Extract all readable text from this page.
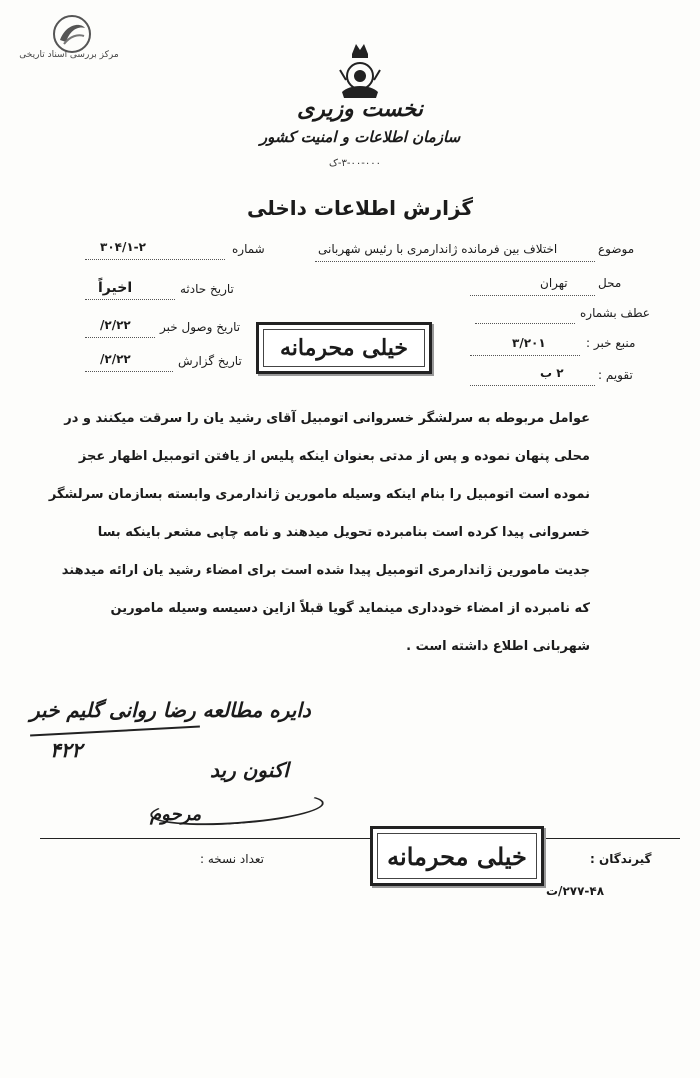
مرکز بررسی اسناد تاریخی
نخست وزیری
سازمان اطلاعات و امنیت کشور
۳-۰۰-۰۰۰-ک
گزارش اطلاعات داخلی
شماره
۳۰۴/۱-۲
تاریخ حادثه
اخیراً
تاریخ وصول خبر
۲/۲۲/
تاریخ گزارش
۲/۲۲/
موضوع
اختلاف بین فرمانده ژاندارمری با رئیس شهربانی
محل
تهران
عطف بشماره
منبع خبر :
۳/۲۰۱
تقویم :
۲ ب
خیلی محرمانه
عوامل مربوطه به سرلشگر خسروانی اتومبیل آقای رشید یان را سرقت میکنند و در
محلی پنهان نموده و پس از مدتی بعنوان اینکه پلیس از یافتن اتومبیل اظهار عجز
نموده است اتومبیل را بنام اینکه وسیله مامورین ژاندارمری وابسته بسازمان سرلشگر
خسروانی پیدا کرده است بنامبرده تحویل میدهند و نامه چاپی مشعر باینکه بسا
جدیت مامورین ژاندارمری اتومبیل پیدا شده است برای امضاء رشید یان ارائه میدهند
که نامبرده از امضاء خودداری مینماید گویا قبلاً ازاین دسیسه وسیله مامورین
شهربانی اطلاع داشته است .
دایره مطالعه رضا روانی گلیم خبر
۴۲۲
اکنون رید
مرحوم
تعداد نسخه :	گیرندگان :
خیلی محرمانه
۲۷۷-۴۸/ت
